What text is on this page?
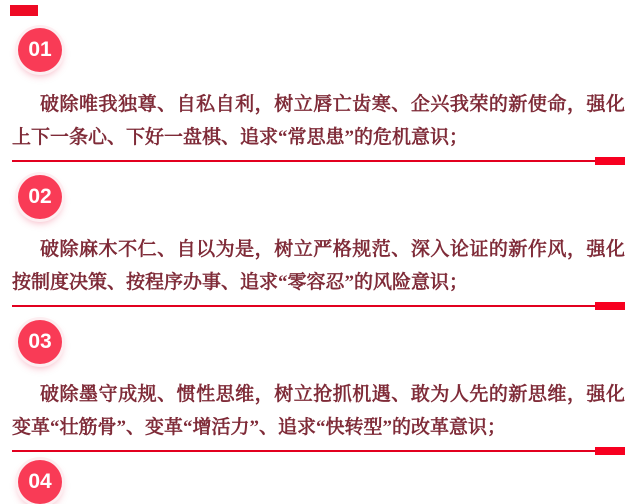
01

破除唯我独尊、自私自利，树立唇亡齿寒、企兴我荣的新使命，强化上下一条心、下好一盘棋、追求“常思患”的危机意识；

02

破除麻木不仁、自以为是，树立严格规范、深入论证的新作风，强化按制度决策、按程序办事、追求“零容忍”的风险意识；

03

破除墨守成规、惯性思维，树立抢抓机遇、敢为人先的新思维，强化变革“壮筋骨”、变革“增活力”、追求“快转型”的改革意识；

04
